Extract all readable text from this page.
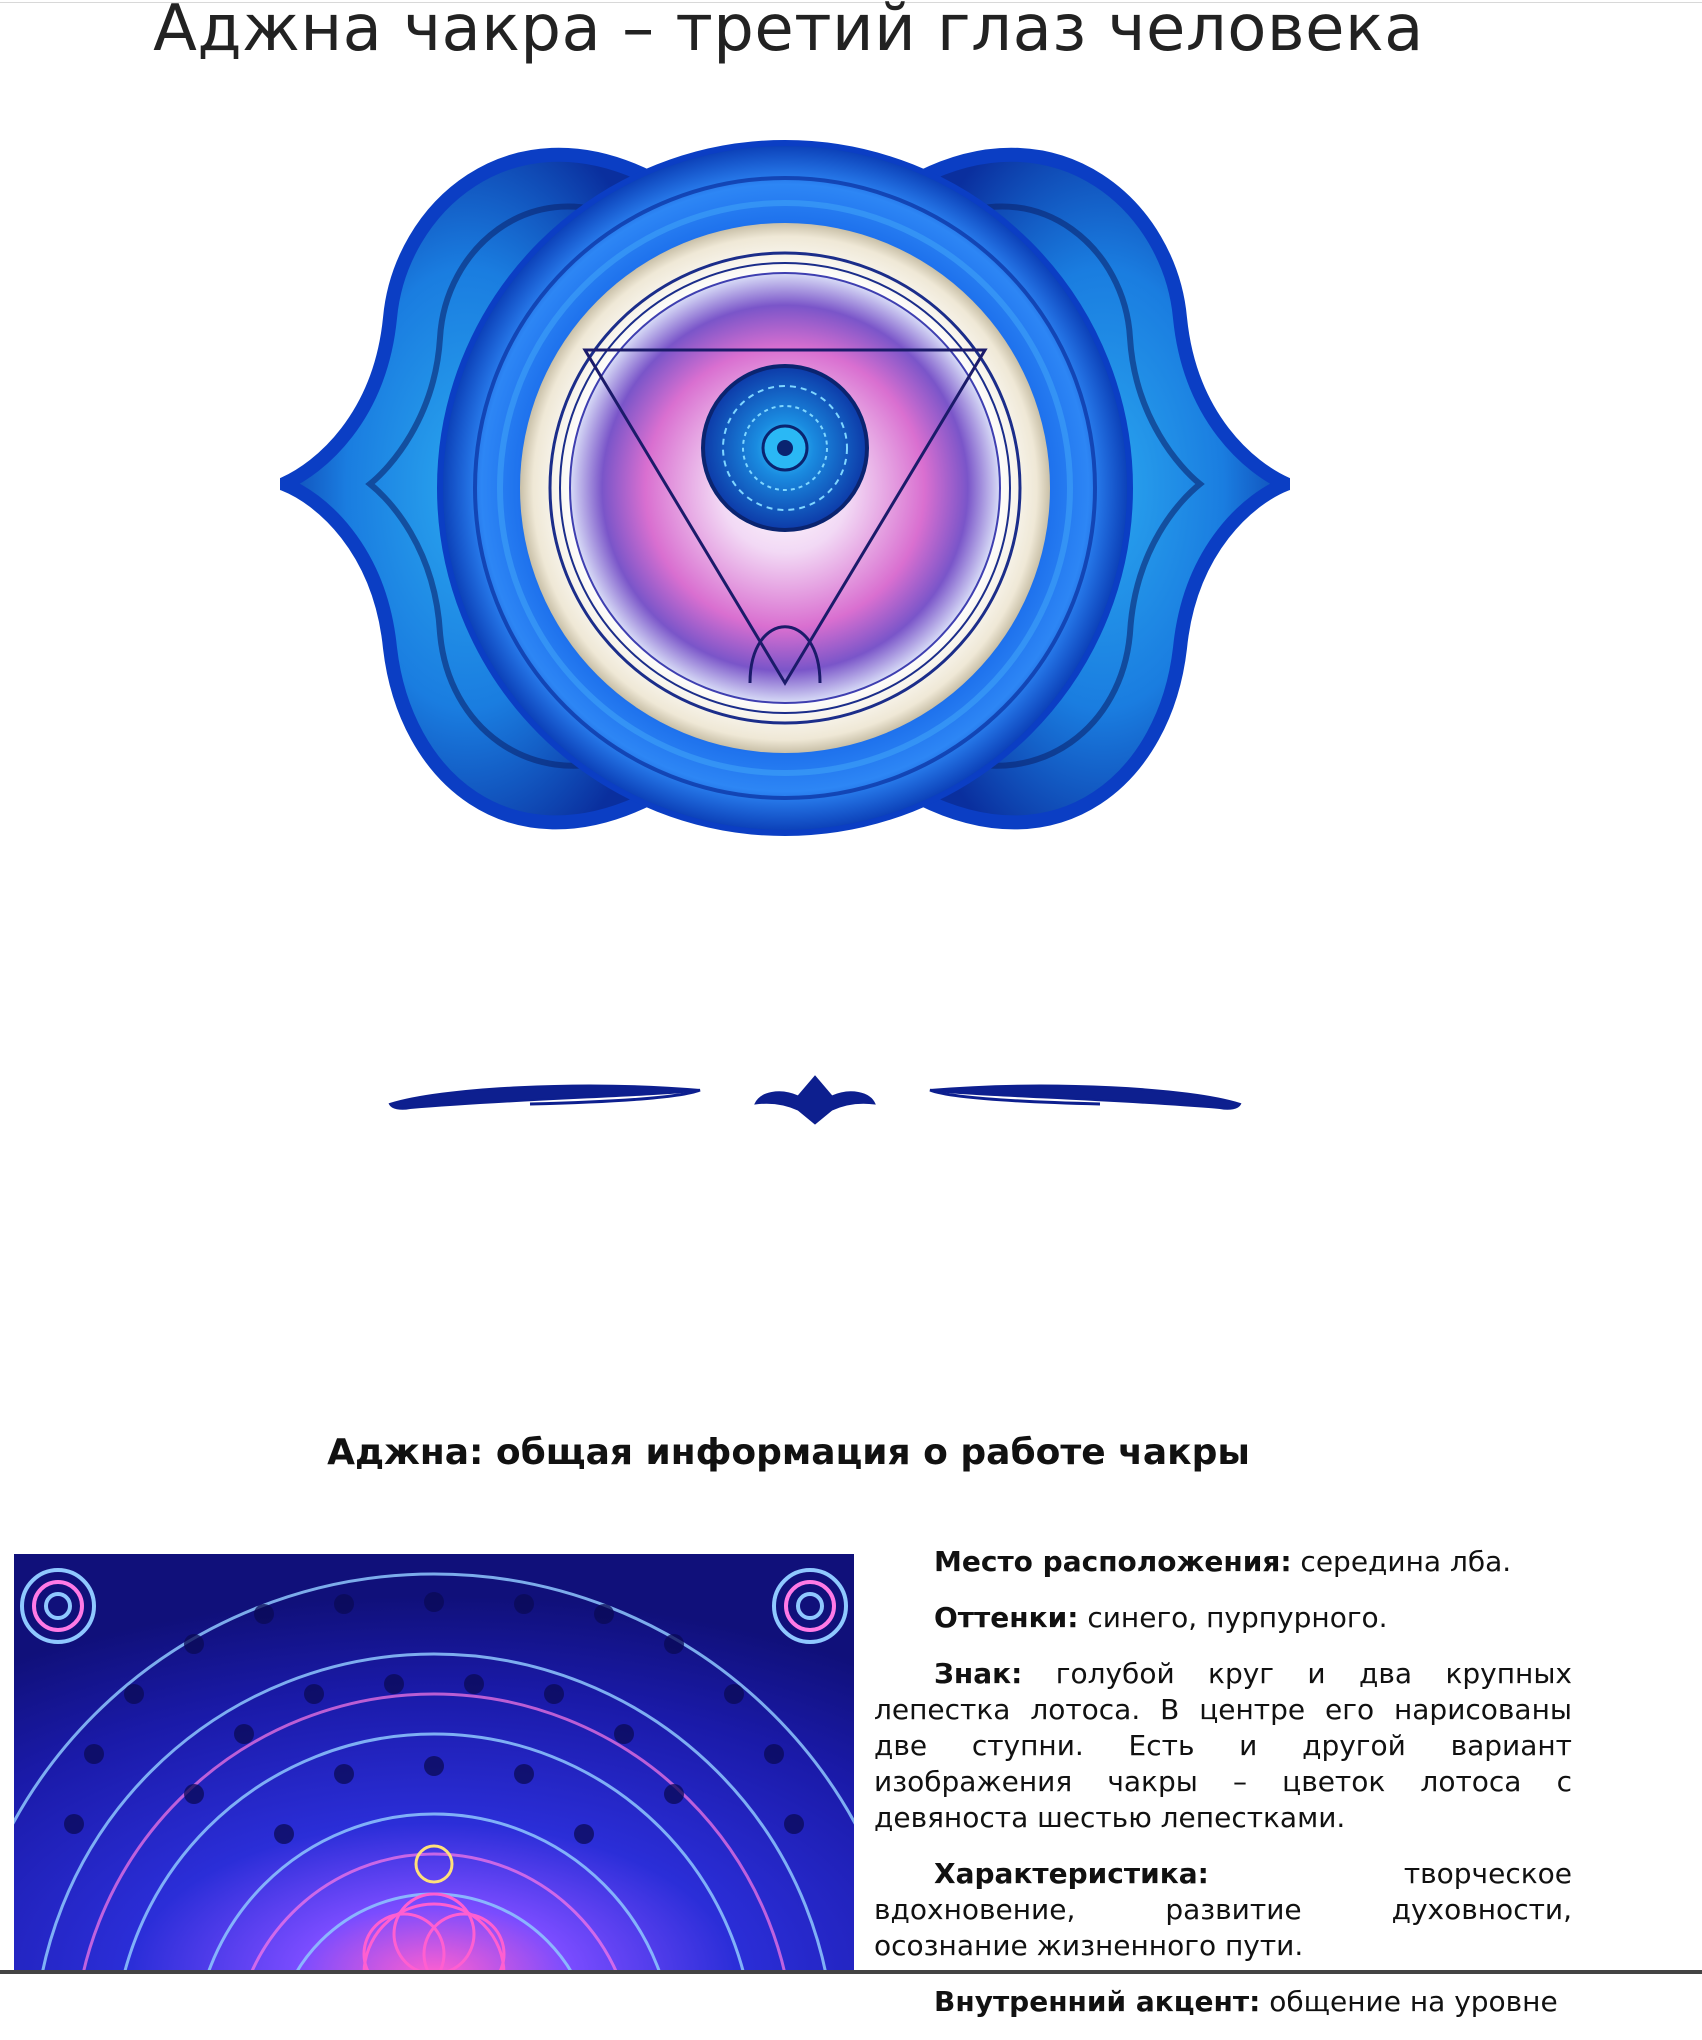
Аджна чакра – третий глаз человека
Аджна: общая информация о работе чакры

Место расположения: середина лба.

Оттенки: синего, пурпурного.

Знак: голубой круг и два крупных лепестка лотоса. В центре его нарисованы две ступни. Есть и другой вариант изображения чакры – цветок лотоса с девяноста шестью лепестками.

Характеристика: творческое вдохновение, развитие духовности, осознание жизненного пути.

Внутренний акцент: общение на уровне
